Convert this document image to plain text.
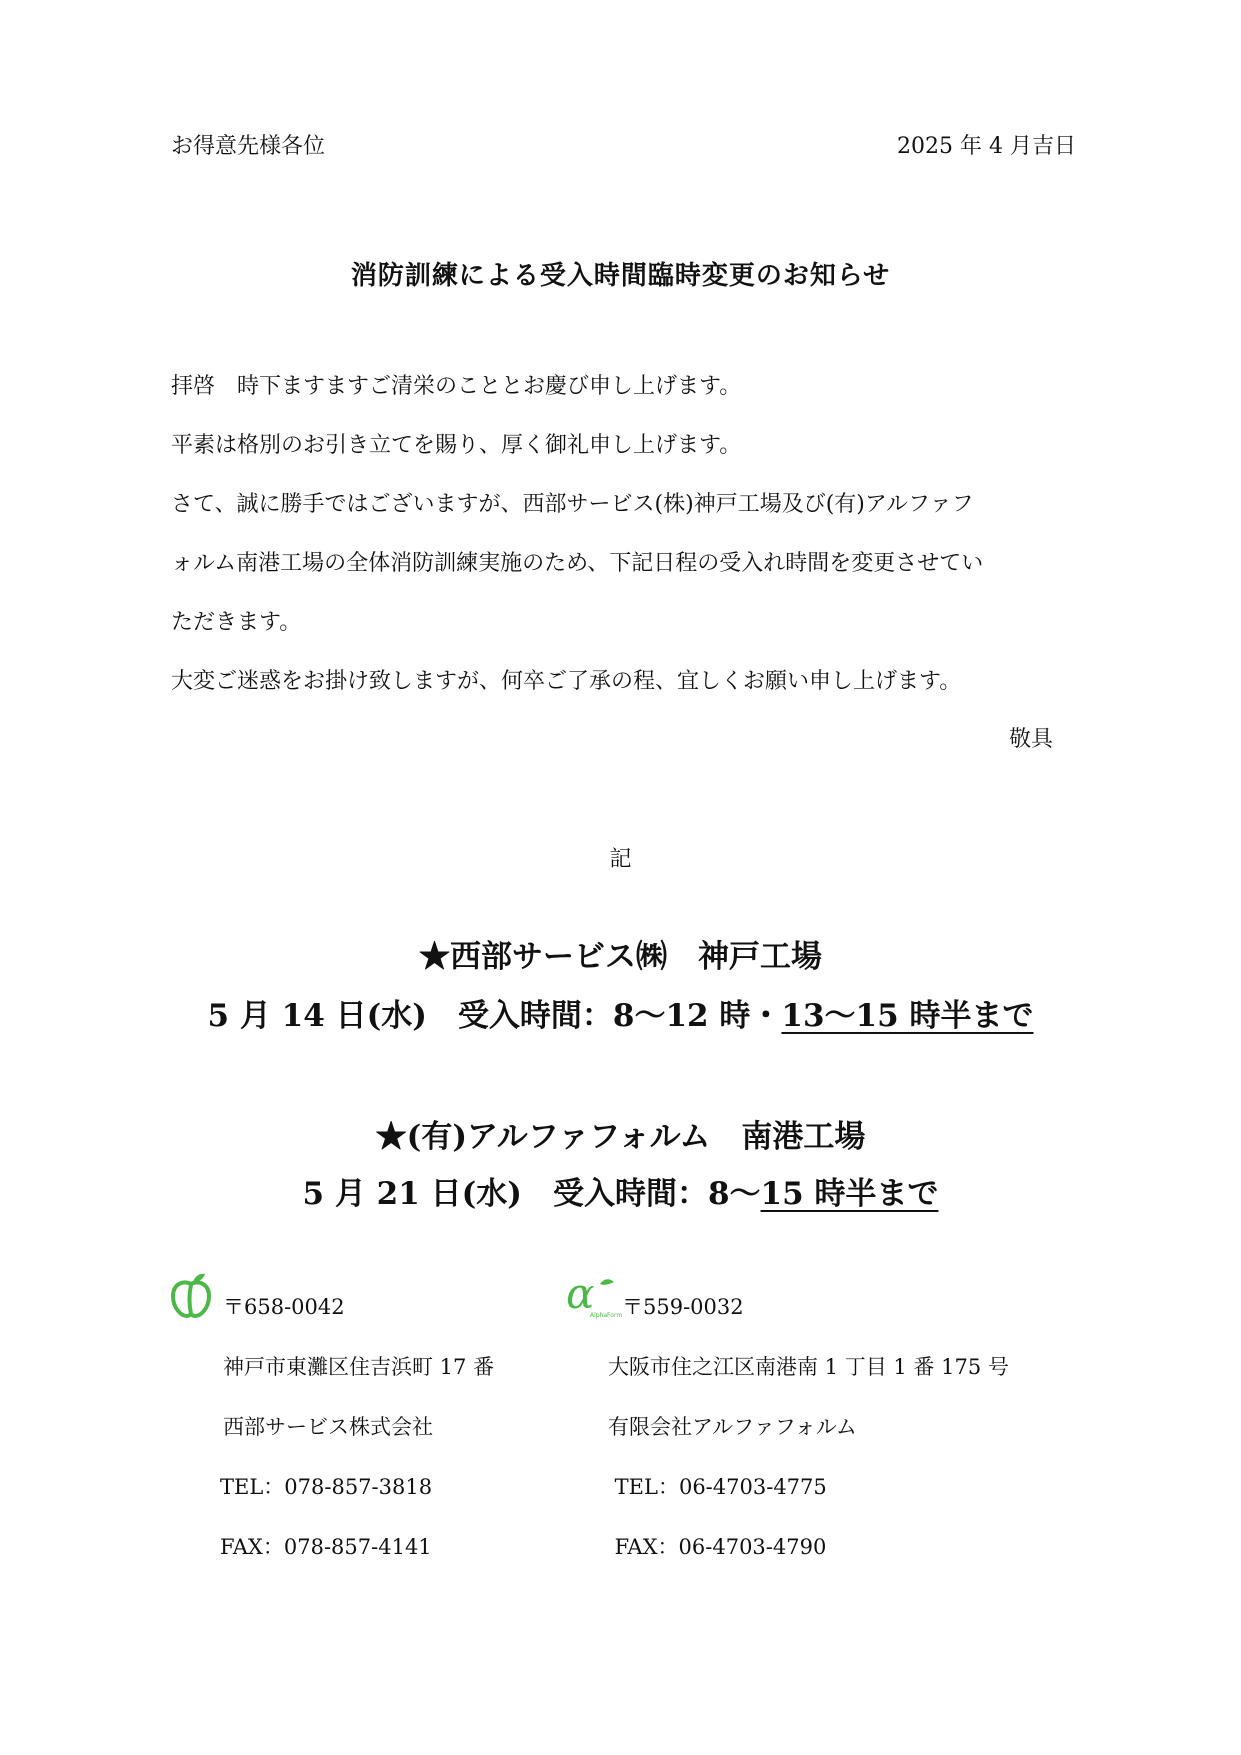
お得意先様各位	2025 年 4 月吉日
消防訓練による受入時間臨時変更のお知らせ
拝啓　時下ますますご清栄のこととお慶び申し上げます。
平素は格別のお引き立てを賜り、厚く御礼申し上げます。
さて、誠に勝手ではございますが、西部サービス(株)神戸工場及び(有)アルファフ
ォルム南港工場の全体消防訓練実施のため、下記日程の受入れ時間を変更させてい
ただきます。
大変ご迷惑をお掛け致しますが、何卒ご了承の程、宜しくお願い申し上げます。
敬具
記
★西部サービス㈱　神戸工場
5 月 14 日(水)　受入時間：8～12 時・13～15 時半まで
★(有)アルファフォルム　南港工場
5 月 21 日(水)　受入時間：8～15 時半まで
〒658-0042
神戸市東灘区住吉浜町 17 番
西部サービス株式会社
TEL：078-857-3818
FAX：078-857-4141
α
AlphaForm 〒559-0032
大阪市住之江区南港南 1 丁目 1 番 175 号
有限会社アルファフォルム
TEL：06-4703-4775
FAX：06-4703-4790
